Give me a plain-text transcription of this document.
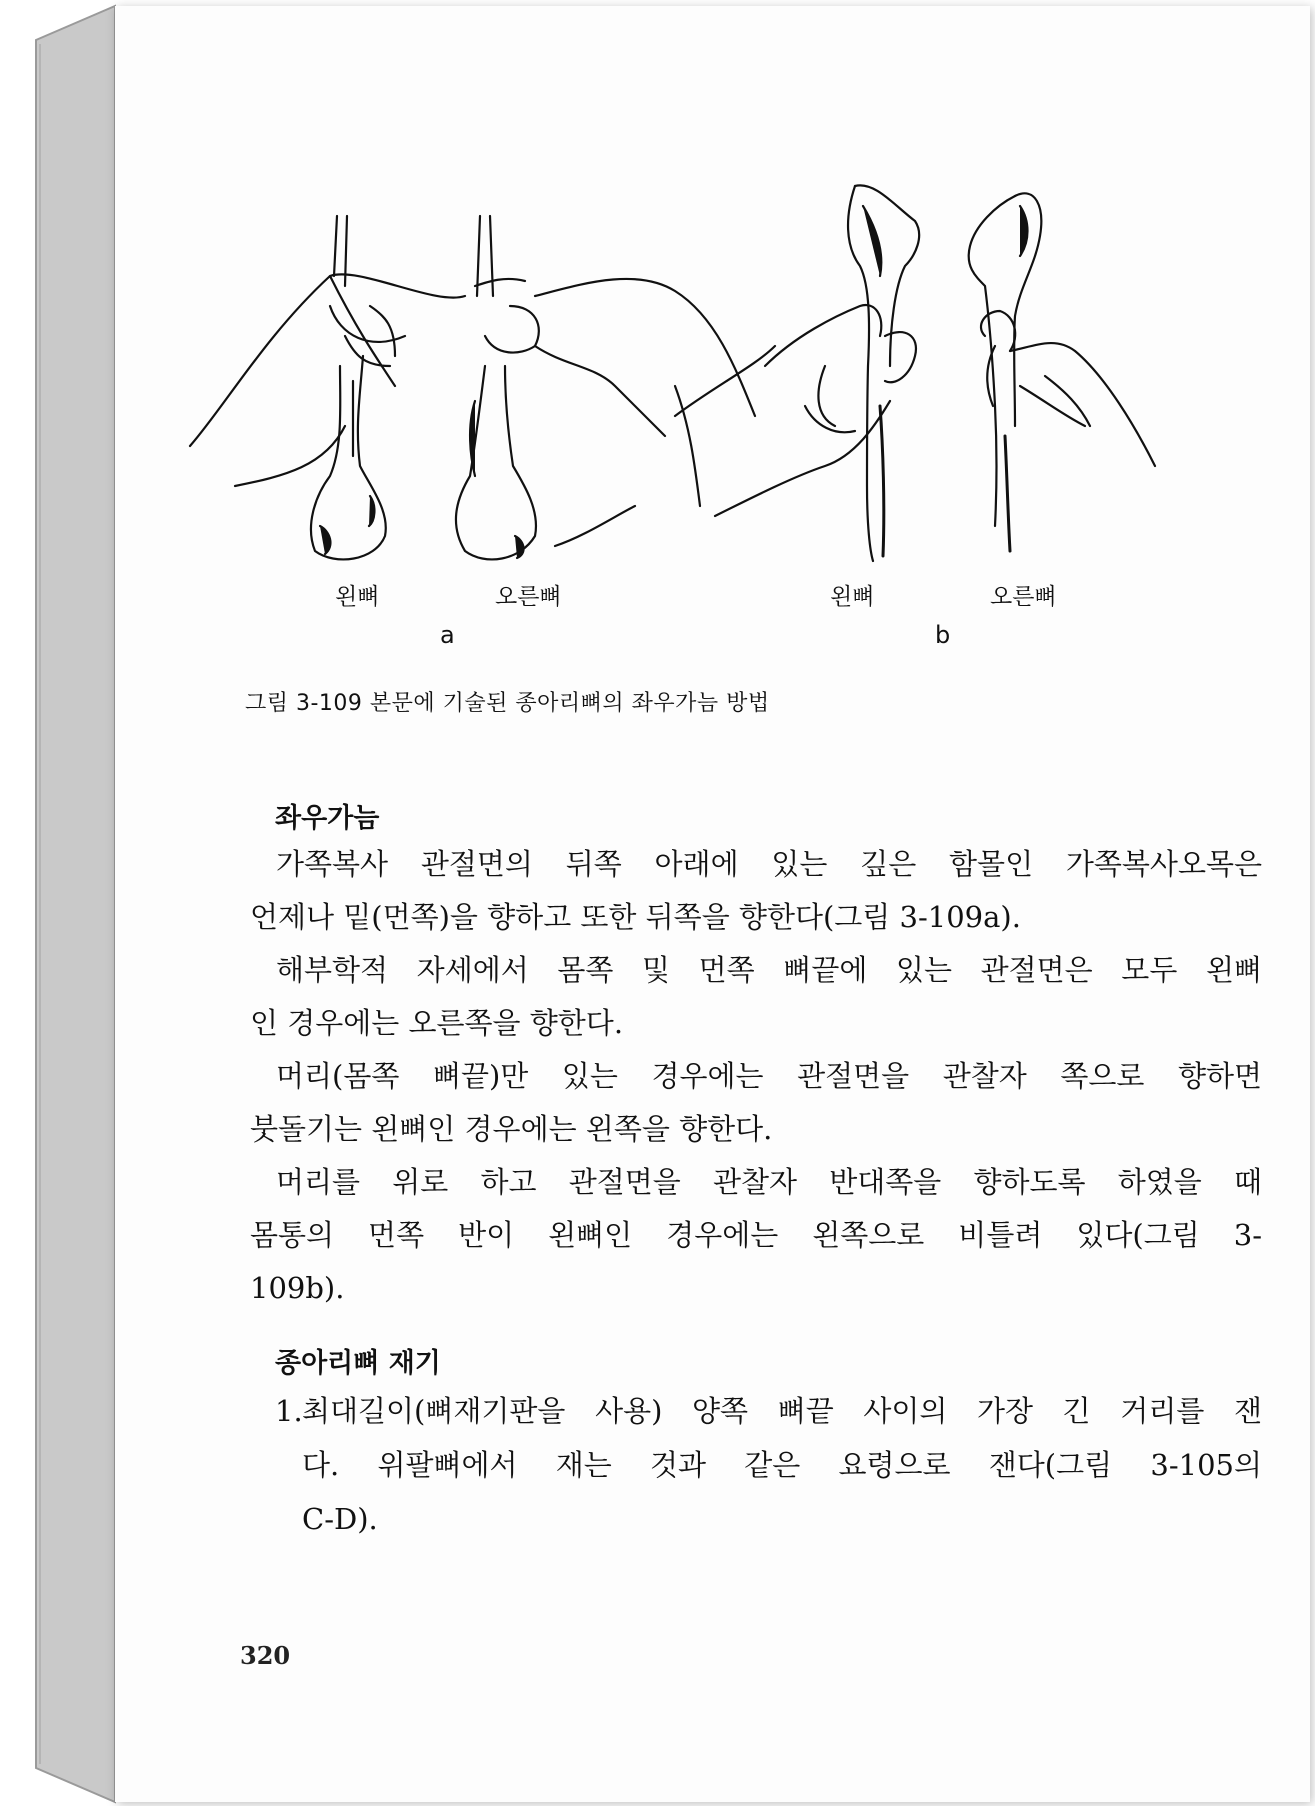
왼뼈	오른뼈
a
왼뼈	오른뼈
b
그림 3-109 본문에 기술된 종아리뼈의 좌우가늠 방법
좌우가늠
가쪽복사 관절면의 뒤쪽 아래에 있는 깊은 함몰인 가쪽복사오목은
언제나 밑(먼쪽)을 향하고 또한 뒤쪽을 향한다(그림 3-109a).
해부학적 자세에서 몸쪽 및 먼쪽 뼈끝에 있는 관절면은 모두 왼뼈
인 경우에는 오른쪽을 향한다.
머리(몸쪽 뼈끝)만 있는 경우에는 관절면을 관찰자 쪽으로 향하면
붓돌기는 왼뼈인 경우에는 왼쪽을 향한다.
머리를 위로 하고 관절면을 관찰자 반대쪽을 향하도록 하였을 때
몸통의 먼쪽 반이 왼뼈인 경우에는 왼쪽으로 비틀려 있다(그림 3-
109b).
종아리뼈 재기
1. 최대길이(뼈재기판을 사용) 양쪽 뼈끝 사이의 가장 긴 거리를 잰
다. 위팔뼈에서 재는 것과 같은 요령으로 잰다(그림 3-105의
C-D).
320
